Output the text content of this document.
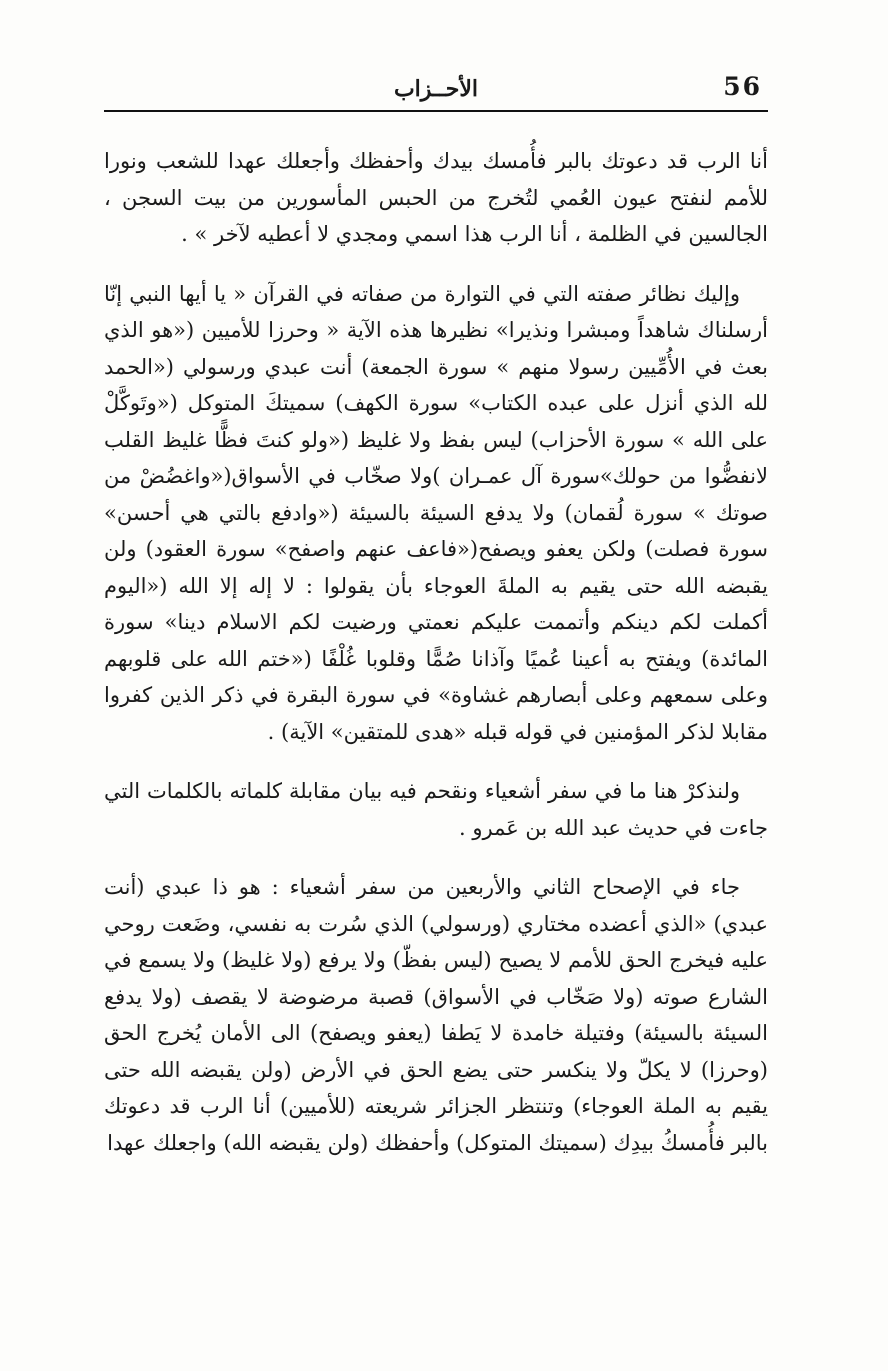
56
الأحــزاب

أنا الرب قد دعوتك بالبر فأُمسك بيدك وأحفظك وأجعلك عهدا للشعب ونورا للأمم لنفتح عيون العُمي لتُخرج من الحبس المأسورين من بيت السجن ، الجالسين في الظلمة ، أنا الرب هذا اسمي ومجدي لا أعطيه لآخر » .

وإليك نظائر صفته التي في التوارة من صفاته في القرآن « يا أيها النبي إنّا أرسلناك شاهداً ومبشرا ونذيرا» نظيرها هذه الآية « وحرزا للأميين («هو الذي بعث في الأُمِّيين رسولا منهم » سورة الجمعة) أنت عبدي ورسولي («الحمد لله الذي أنزل على عبده الكتاب» سورة الكهف) سميتكَ المتوكل («وتَوكَّلْ على الله » سورة الأحزاب) ليس بفظ ولا غليظ («ولو كنتَ فظًّا غليظ القلب لانفضُّوا من حولك»سورة آل عمـران )ولا صخّاب في الأسواق(«واغضُضْ من صوتك » سورة لُقمان) ولا يدفع السيئة بالسيئة («وادفع بالتي هي أحسن» سورة فصلت) ولكن يعفو ويصفح(«فاعف عنهم واصفح» سورة العقود) ولن يقبضه الله حتى يقيم به الملةَ العوجاء بأن يقولوا : لا إله إلا الله («اليوم أكملت لكم دينكم وأتممت عليكم نعمتي ورضيت لكم الاسلام دينا» سورة المائدة) ويفتح به أعينا عُميًا وآذانا صُمًّا وقلوبا غُلْفًا («ختم الله على قلوبهم وعلى سمعهم وعلى أبصارهم غشاوة» في سورة البقرة في ذكر الذين كفروا مقابلا لذكر المؤمنين في قوله قبله «هدى للمتقين» الآية) .

ولنذكرْ هنا ما في سفر أشعياء ونقحم فيه بيان مقابلة كلماته بالكلمات التي جاءت في حديث عبد الله بن عَمرو .

جاء في الإصحاح الثاني والأربعين من سفر أشعياء : هو ذا عبدي (أنت عبدي) «الذي أعضده مختاري (ورسولي) الذي سُرت به نفسي، وضَعت روحي عليه فيخرج الحق للأمم لا يصيح (ليس بفظّ) ولا يرفع (ولا غليظ) ولا يسمع في الشارع صوته (ولا صَخّاب في الأسواق) قصبة مرضوضة لا يقصف (ولا يدفع السيئة بالسيئة) وفتيلة خامدة لا يَطفا (يعفو ويصفح) الى الأمان يُخرج الحق (وحرزا) لا يكلّ ولا ينكسر حتى يضع الحق في الأرض (ولن يقبضه الله حتى يقيم به الملة العوجاء) وتنتظر الجزائر شريعته (للأميين) أنا الرب قد دعوتك بالبر فأُمسكُ بيدِك (سميتك المتوكل) وأحفظك (ولن يقبضه الله) واجعلك عهدا
